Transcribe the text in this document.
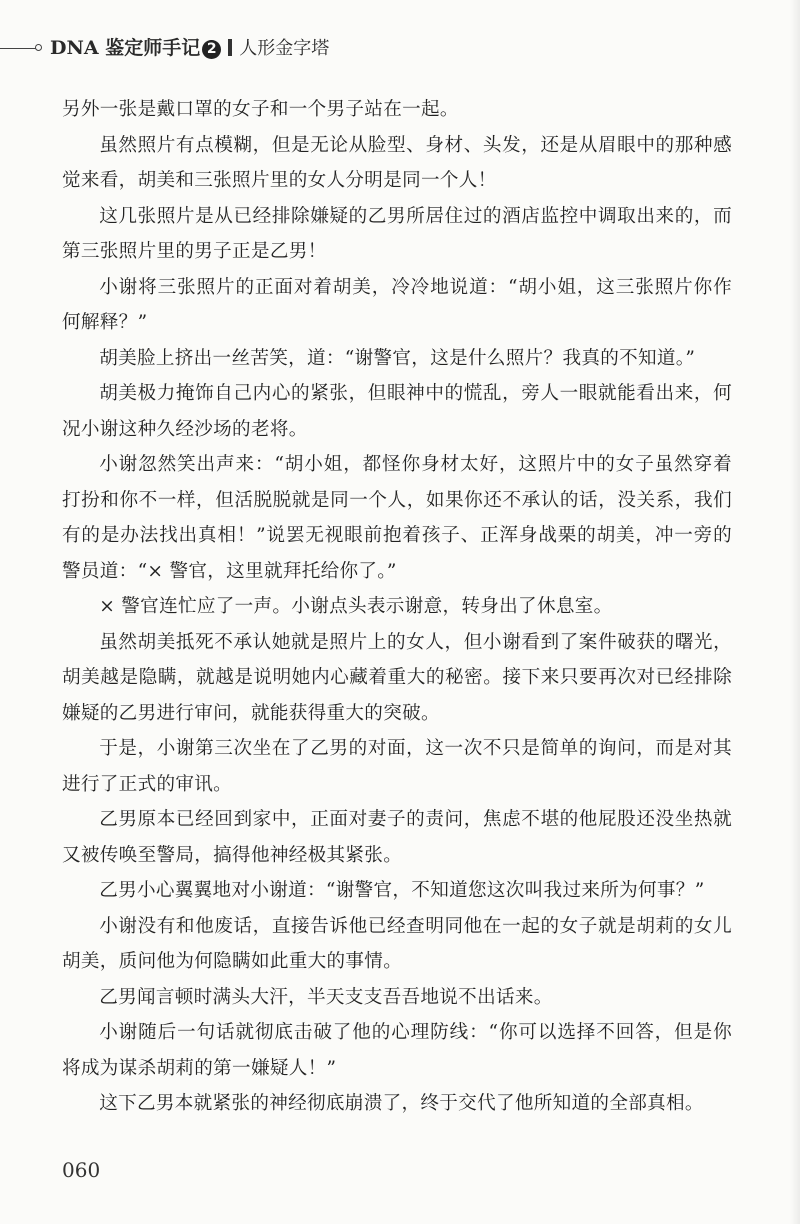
DNA 鉴定师手记 2 人形金字塔

另外一张是戴口罩的女子和一个男子站在一起。

虽然照片有点模糊，但是无论从脸型、身材、头发，还是从眉眼中的那种感觉来看，胡美和三张照片里的女人分明是同一个人！

这几张照片是从已经排除嫌疑的乙男所居住过的酒店监控中调取出来的，而第三张照片里的男子正是乙男！

小谢将三张照片的正面对着胡美，冷冷地说道：“胡小姐，这三张照片你作何解释？”

胡美脸上挤出一丝苦笑，道：“谢警官，这是什么照片？我真的不知道。”

胡美极力掩饰自己内心的紧张，但眼神中的慌乱，旁人一眼就能看出来，何况小谢这种久经沙场的老将。

小谢忽然笑出声来：“胡小姐，都怪你身材太好，这照片中的女子虽然穿着打扮和你不一样，但活脱脱就是同一个人，如果你还不承认的话，没关系，我们有的是办法找出真相！”说罢无视眼前抱着孩子、正浑身战栗的胡美，冲一旁的警员道：“× 警官，这里就拜托给你了。”

× 警官连忙应了一声。小谢点头表示谢意，转身出了休息室。

虽然胡美抵死不承认她就是照片上的女人，但小谢看到了案件破获的曙光，胡美越是隐瞒，就越是说明她内心藏着重大的秘密。接下来只要再次对已经排除嫌疑的乙男进行审问，就能获得重大的突破。

于是，小谢第三次坐在了乙男的对面，这一次不只是简单的询问，而是对其进行了正式的审讯。

乙男原本已经回到家中，正面对妻子的责问，焦虑不堪的他屁股还没坐热就又被传唤至警局，搞得他神经极其紧张。

乙男小心翼翼地对小谢道：“谢警官，不知道您这次叫我过来所为何事？”

小谢没有和他废话，直接告诉他已经查明同他在一起的女子就是胡莉的女儿胡美，质问他为何隐瞒如此重大的事情。

乙男闻言顿时满头大汗，半天支支吾吾地说不出话来。

小谢随后一句话就彻底击破了他的心理防线：“你可以选择不回答，但是你将成为谋杀胡莉的第一嫌疑人！”

这下乙男本就紧张的神经彻底崩溃了，终于交代了他所知道的全部真相。

060
